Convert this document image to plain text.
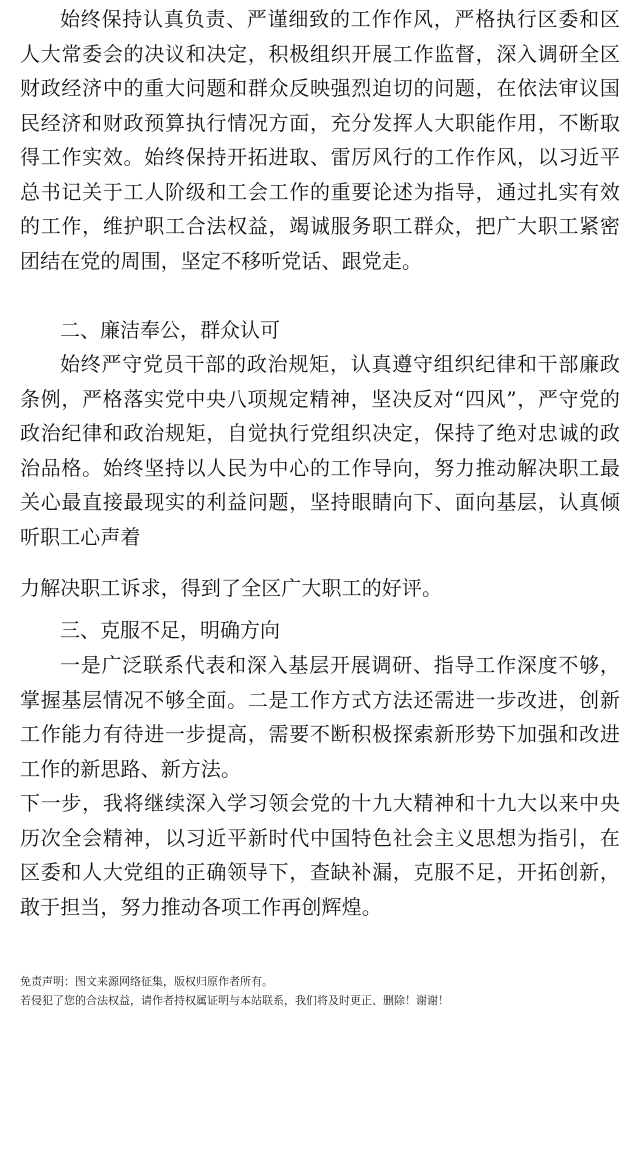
始终保持认真负责、严谨细致的工作作风，严格执行区委和区人大常委会的决议和决定，积极组织开展工作监督，深入调研全区财政经济中的重大问题和群众反映强烈迫切的问题，在依法审议国民经济和财政预算执行情况方面，充分发挥人大职能作用，不断取得工作实效。始终保持开拓进取、雷厉风行的工作作风，以习近平总书记关于工人阶级和工会工作的重要论述为指导，通过扎实有效的工作，维护职工合法权益，竭诚服务职工群众，把广大职工紧密团结在党的周围，坚定不移听党话、跟党走。

二、廉洁奉公，群众认可

始终严守党员干部的政治规矩，认真遵守组织纪律和干部廉政条例，严格落实党中央八项规定精神，坚决反对“四风”，严守党的政治纪律和政治规矩，自觉执行党组织决定，保持了绝对忠诚的政治品格。始终坚持以人民为中心的工作导向，努力推动解决职工最关心最直接最现实的利益问题，坚持眼睛向下、面向基层，认真倾听职工心声着

力解决职工诉求，得到了全区广大职工的好评。

三、克服不足，明确方向

一是广泛联系代表和深入基层开展调研、指导工作深度不够，掌握基层情况不够全面。二是工作方式方法还需进一步改进，创新工作能力有待进一步提高，需要不断积极探索新形势下加强和改进工作的新思路、新方法。

下一步，我将继续深入学习领会党的十九大精神和十九大以来中央历次全会精神，以习近平新时代中国特色社会主义思想为指引，在区委和人大党组的正确领导下，查缺补漏，克服不足，开拓创新，敢于担当，努力推动各项工作再创辉煌。

免责声明：图文来源网络征集，版权归原作者所有。

若侵犯了您的合法权益，请作者持权属证明与本站联系，我们将及时更正、删除！谢谢！
